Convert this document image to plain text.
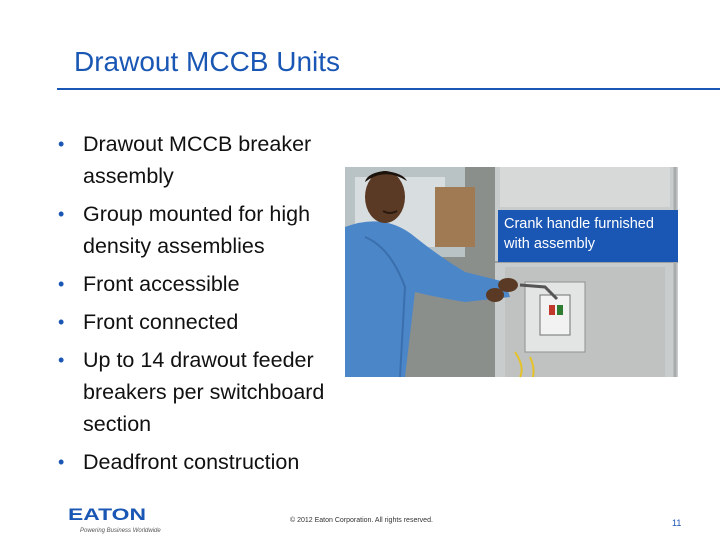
Drawout MCCB Units
• Drawout MCCB breaker assembly
• Group mounted for high density assemblies
• Front accessible
• Front connected
• Up to 14 drawout feeder breakers per switchboard section
• Deadfront construction
Crank handle furnished with assembly
EATON
Powering Business Worldwide
© 2012 Eaton Corporation. All rights reserved.	11
